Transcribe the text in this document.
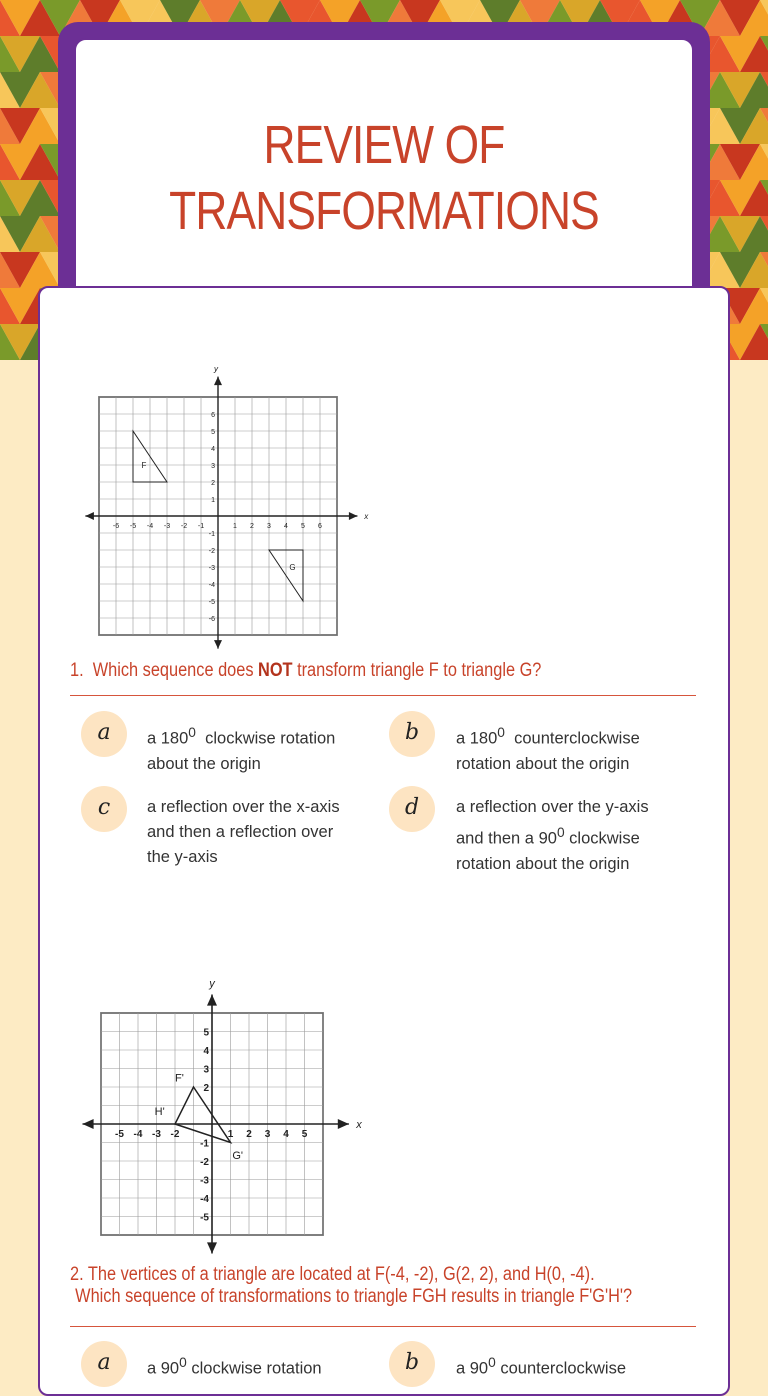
REVIEW OF
TRANSFORMATIONS
-6 -5 -4 -3 -2 -1	1 2 3 4 5 6
6
5
4
3
2
1
-1
-2
-3
-4
-5
-6
x
y
F
G
1. Which sequence does NOT transform triangle F to triangle G?
a	a $180^0$  clockwise rotation
about the origin
b	a $180^0$  counterclockwise
rotation about the origin
c	a reflection over the x-axis
and then a reflection over
the y-axis
d	a reflection over the y-axis
and then a $90^0$ clockwise
rotation about the origin
-5 -4 -3 -2	1 2 3 4 5
5
4
3
2
-1
-2
-3
-4
-5
x
y
F'
G'
H'
2. The vertices of a triangle are located at F(-4, -2), G(2, 2), and H(0, -4).
Which sequence of transformations to triangle FGH results in triangle F'G'H'?
a	a $90^0$ clockwise rotation	b	a $90^0$ counterclockwise
